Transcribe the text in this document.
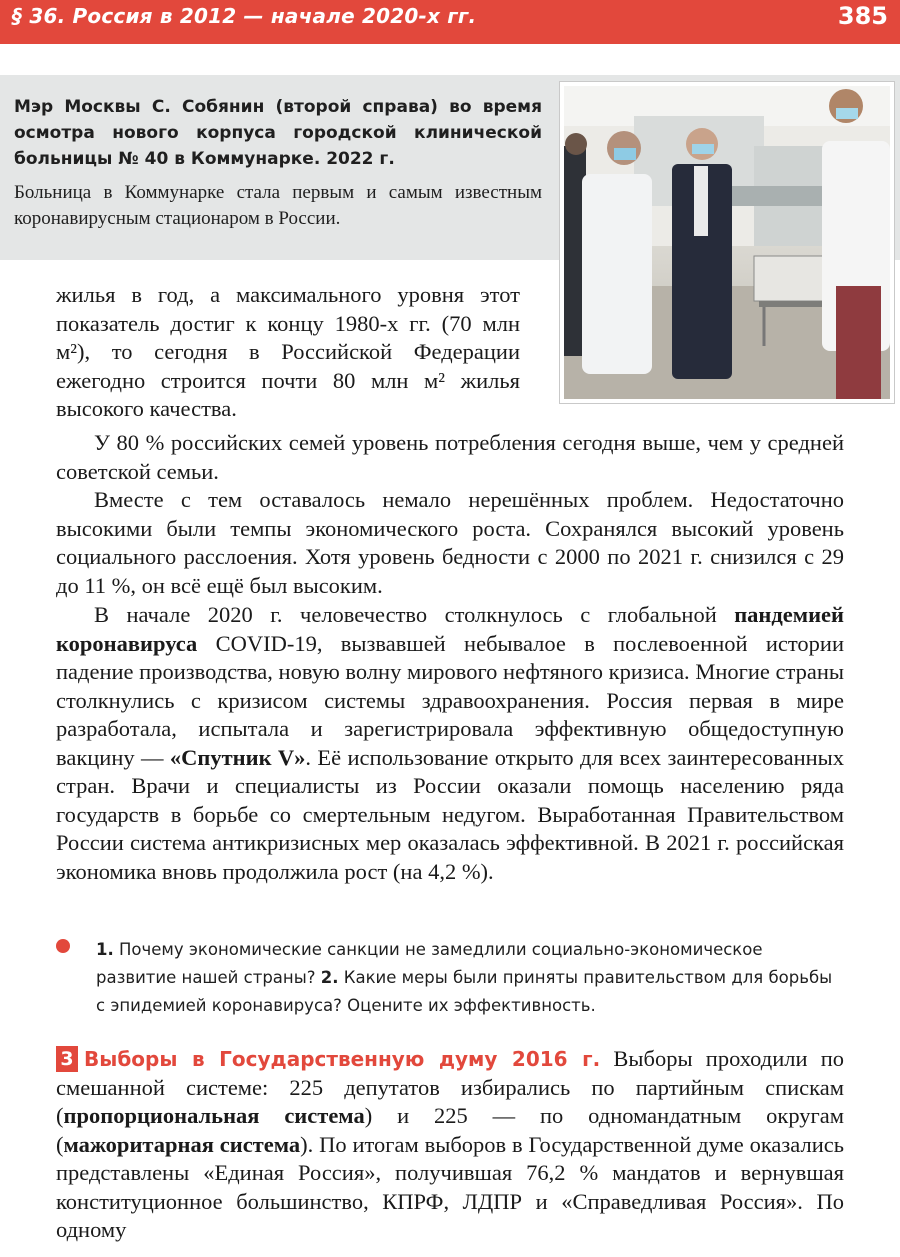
§ 36. Россия в 2012 — начале 2020-х гг.	385
Мэр Москвы С. Собянин (второй справа) во время осмотра нового корпуса городской клинической больницы № 40 в Коммунарке. 2022 г.
Больница в Коммунарке стала первым и самым известным коронавирусным стационаром в России.
жилья в год, а максимального уровня этот показатель достиг к концу 1980-х гг. (70 млн м²), то сегодня в Российской Федерации ежегодно строится почти 80 млн м² жилья высокого качества.
У 80 % российских семей уровень потребления сегодня выше, чем у средней советской семьи.
Вместе с тем оставалось немало нерешённых проблем. Недостаточно высокими были темпы экономического роста. Сохранялся высокий уровень социального расслоения. Хотя уровень бедности с 2000 по 2021 г. снизился с 29 до 11 %, он всё ещё был высоким.
В начале 2020 г. человечество столкнулось с глобальной пандемией коронавируса COVID-19, вызвавшей небывалое в послевоенной истории падение производства, новую волну мирового нефтяного кризиса. Многие страны столкнулись с кризисом системы здравоохранения. Россия первая в мире разработала, испытала и зарегистрировала эффективную общедоступную вакцину — «Спутник V». Её использование открыто для всех заинтересованных стран. Врачи и специалисты из России оказали помощь населению ряда государств в борьбе со смертельным недугом. Выработанная Правительством России система антикризисных мер оказалась эффективной. В 2021 г. российская экономика вновь продолжила рост (на 4,2 %).
1. Почему экономические санкции не замедлили социально-экономическое развитие нашей страны? 2. Какие меры были приняты правительством для борьбы с эпидемией коронавируса? Оцените их эффективность.
3 Выборы в Государственную думу 2016 г. Выборы проходили по смешанной системе: 225 депутатов избирались по партийным спискам (пропорциональная система) и 225 — по одномандатным округам (мажоритарная система). По итогам выборов в Государственной думе оказались представлены «Единая Россия», получившая 76,2 % мандатов и вернувшая конституционное большинство, КПРФ, ЛДПР и «Справедливая Россия». По одному
